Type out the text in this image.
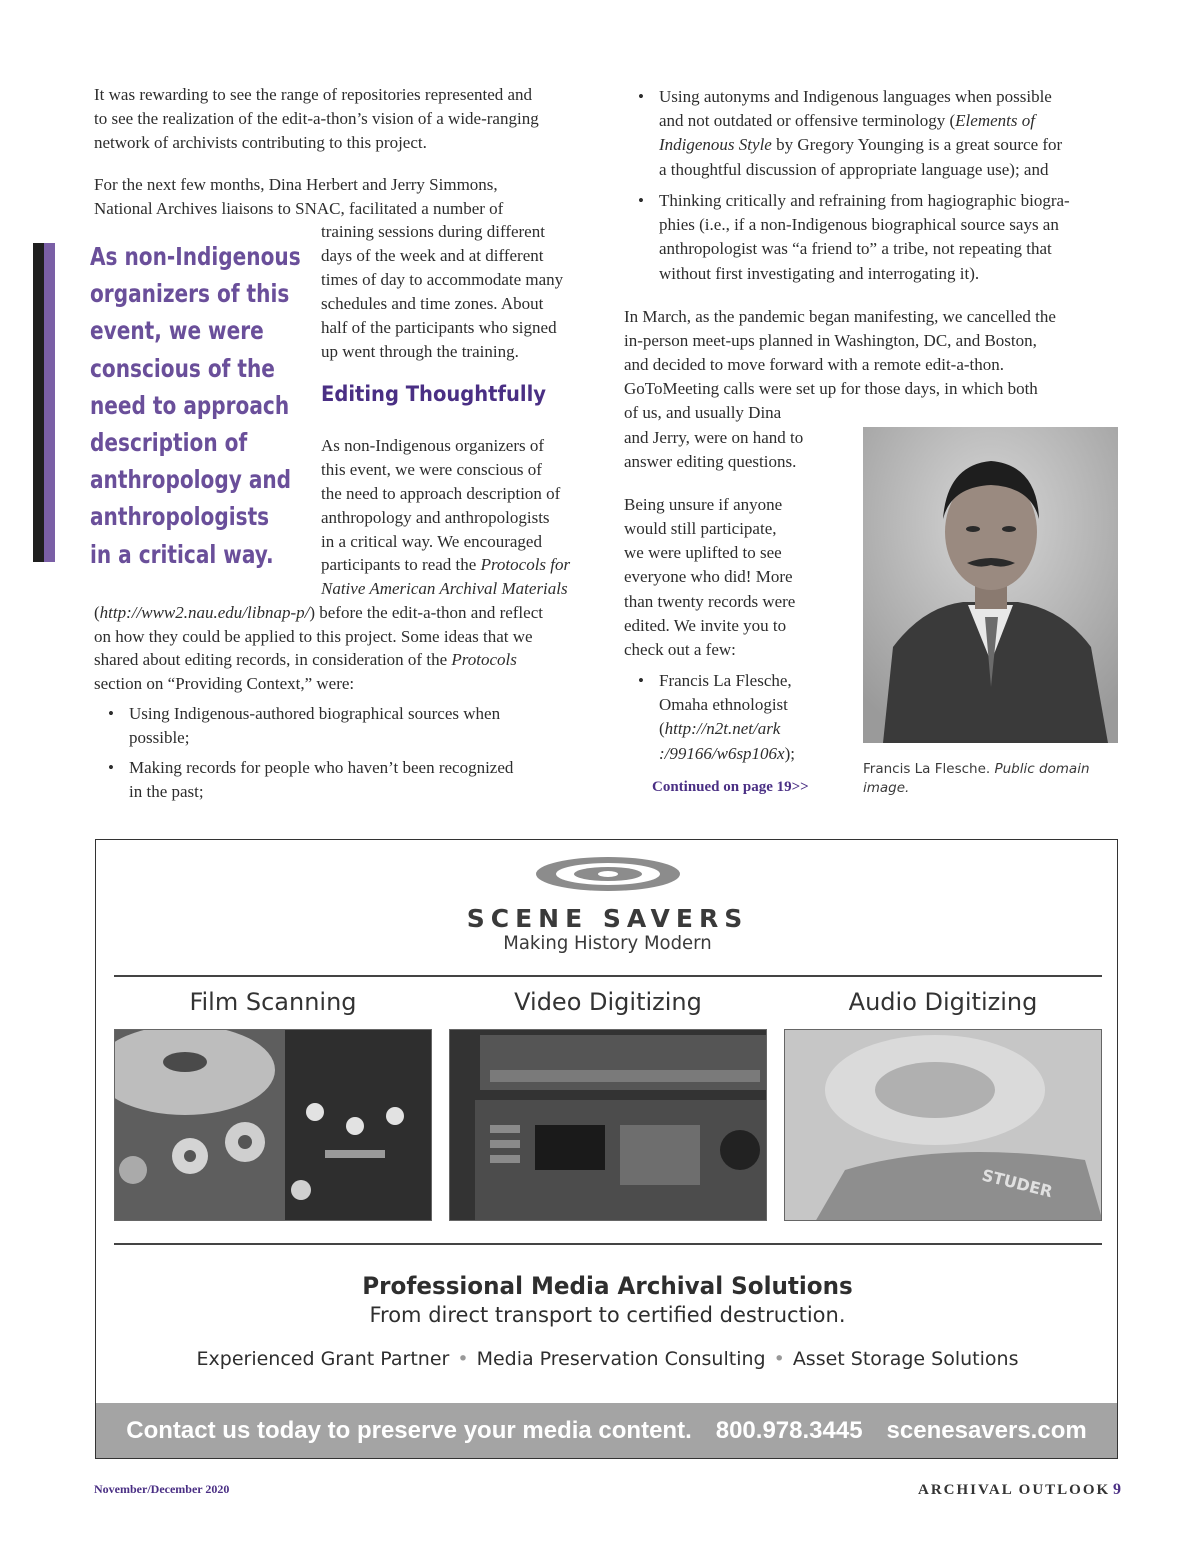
It was rewarding to see the range of repositories represented and
to see the realization of the edit-a-thon’s vision of a wide-ranging
network of archivists contributing to this project.
For the next few months, Dina Herbert and Jerry Simmons,
National Archives liaisons to SNAC, facilitated a number of
training sessions during different
days of the week and at different
times of day to accommodate many
schedules and time zones. About
half of the participants who signed
up went through the training.
As non-Indigenous
organizers of this
event, we were
conscious of the
need to approach
description of
anthropology and
anthropologists
in a critical way.
Editing Thoughtfully
As non-Indigenous organizers of
this event, we were conscious of
the need to approach description of
anthropology and anthropologists
in a critical way. We encouraged
participants to read the Protocols for
Native American Archival Materials
(http://www2.nau.edu/libnap-p/) before the edit-a-thon and reflect
on how they could be applied to this project. Some ideas that we
shared about editing records, in consideration of the Protocols
section on “Providing Context,” were:
• Using Indigenous-authored biographical sources when
possible;
• Making records for people who haven’t been recognized
in the past;
• Using autonyms and Indigenous languages when possible
and not outdated or offensive terminology (Elements of
Indigenous Style by Gregory Younging is a great source for
a thoughtful discussion of appropriate language use); and
• Thinking critically and refraining from hagiographic biogra-
phies (i.e., if a non-Indigenous biographical source says an
anthropologist was “a friend to” a tribe, not repeating that
without first investigating and interrogating it).
In March, as the pandemic began manifesting, we cancelled the
in-person meet-ups planned in Washington, DC, and Boston,
and decided to move forward with a remote edit-a-thon.
GoToMeeting calls were set up for those days, in which both
of us, and usually Dina
and Jerry, were on hand to
answer editing questions.
Being unsure if anyone
would still participate,
we were uplifted to see
everyone who did! More
than twenty records were
edited. We invite you to
check out a few:
• Francis La Flesche,
Omaha ethnologist
(http://n2t.net/ark
:/99166/w6sp106x);
Continued on page 19>>
Francis La Flesche. Public domain image.
SCENE SAVERS
Making History Modern
Film Scanning	Video Digitizing	Audio Digitizing
STUDER
Professional Media Archival Solutions
From direct transport to certified destruction.
Experienced Grant Partner • Media Preservation Consulting • Asset Storage Solutions
Contact us today to preserve your media content. 800.978.3445 scenesavers.com
November/December 2020	ARCHIVAL OUTLOOK 9
